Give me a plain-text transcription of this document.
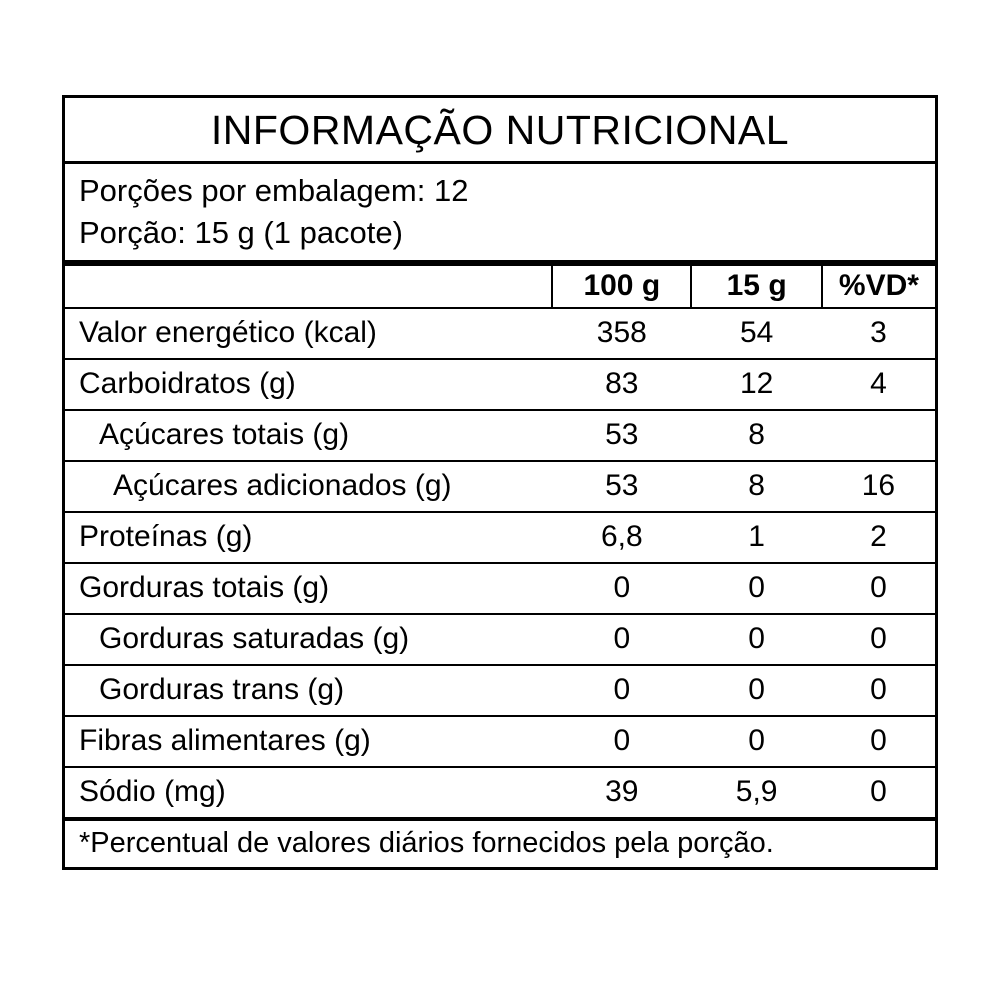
INFORMAÇÃO NUTRICIONAL
Porções por embalagem: 12
Porção: 15 g (1 pacote)
	100 g	15 g	%VD*
Valor energético (kcal)	358	54	3
Carboidratos (g)	83	12	4
Açúcares totais (g)	53	8	
Açúcares adicionados (g)	53	8	16
Proteínas (g)	6,8	1	2
Gorduras totais (g)	0	0	0
Gorduras saturadas (g)	0	0	0
Gorduras trans (g)	0	0	0
Fibras alimentares (g)	0	0	0
Sódio (mg)	39	5,9	0
*Percentual de valores diários fornecidos pela porção.
